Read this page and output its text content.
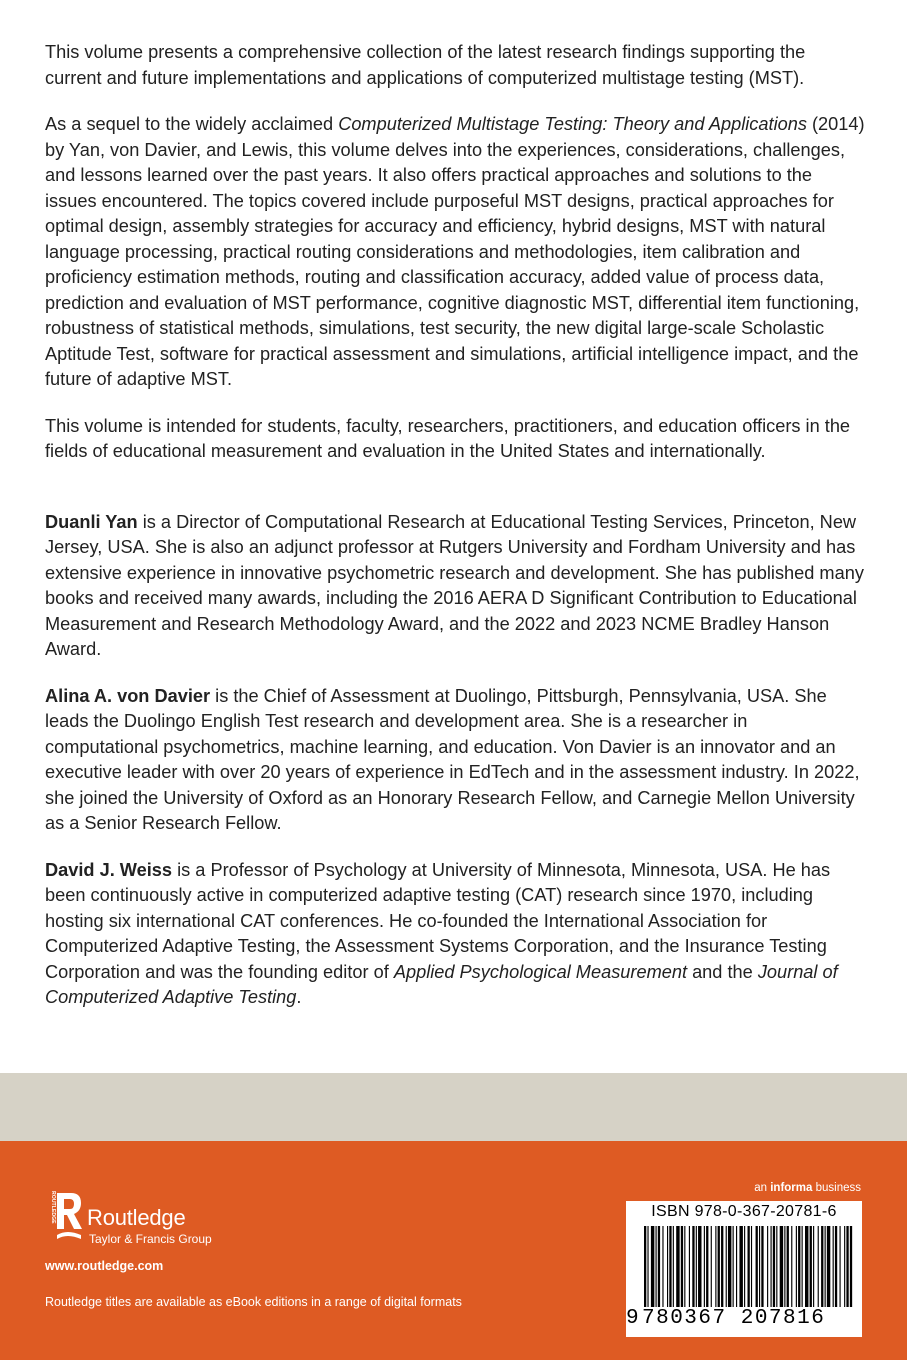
This volume presents a comprehensive collection of the latest research findings supporting the current and future implementations and applications of computerized multistage testing (MST).

As a sequel to the widely acclaimed Computerized Multistage Testing: Theory and Applications (2014) by Yan, von Davier, and Lewis, this volume delves into the experiences, considerations, challenges, and lessons learned over the past years. It also offers practical approaches and solutions to the issues encountered. The topics covered include purposeful MST designs, practical approaches for optimal design, assembly strategies for accuracy and efficiency, hybrid designs, MST with natural language processing, practical routing considerations and methodologies, item calibration and proficiency estimation methods, routing and classification accuracy, added value of process data, prediction and evaluation of MST performance, cognitive diagnostic MST, differential item functioning, robustness of statistical methods, simulations, test security, the new digital large-scale Scholastic Aptitude Test, software for practical assessment and simulations, artificial intelligence impact, and the future of adaptive MST.

This volume is intended for students, faculty, researchers, practitioners, and education officers in the fields of educational measurement and evaluation in the United States and internationally.

Duanli Yan is a Director of Computational Research at Educational Testing Services, Princeton, New Jersey, USA. She is also an adjunct professor at Rutgers University and Fordham University and has extensive experience in innovative psychometric research and development. She has published many books and received many awards, including the 2016 AERA D Significant Contribution to Educational Measurement and Research Methodology Award, and the 2022 and 2023 NCME Bradley Hanson Award.

Alina A. von Davier is the Chief of Assessment at Duolingo, Pittsburgh, Pennsylvania, USA. She leads the Duolingo English Test research and development area. She is a researcher in computational psychometrics, machine learning, and education. Von Davier is an innovator and an executive leader with over 20 years of experience in EdTech and in the assessment industry. In 2022, she joined the University of Oxford as an Honorary Research Fellow, and Carnegie Mellon University as a Senior Research Fellow.

David J. Weiss is a Professor of Psychology at University of Minnesota, Minnesota, USA. He has been continuously active in computerized adaptive testing (CAT) research since 1970, including hosting six international CAT conferences. He co-founded the International Association for Computerized Adaptive Testing, the Assessment Systems Corporation, and the Insurance Testing Corporation and was the founding editor of Applied Psychological Measurement and the Journal of Computerized Adaptive Testing.

ROUTLEDGE Routledge
Taylor & Francis Group
www.routledge.com
Routledge titles are available as eBook editions in a range of digital formats
an informa business
ISBN 978-0-367-20781-6
9 780367 207816
